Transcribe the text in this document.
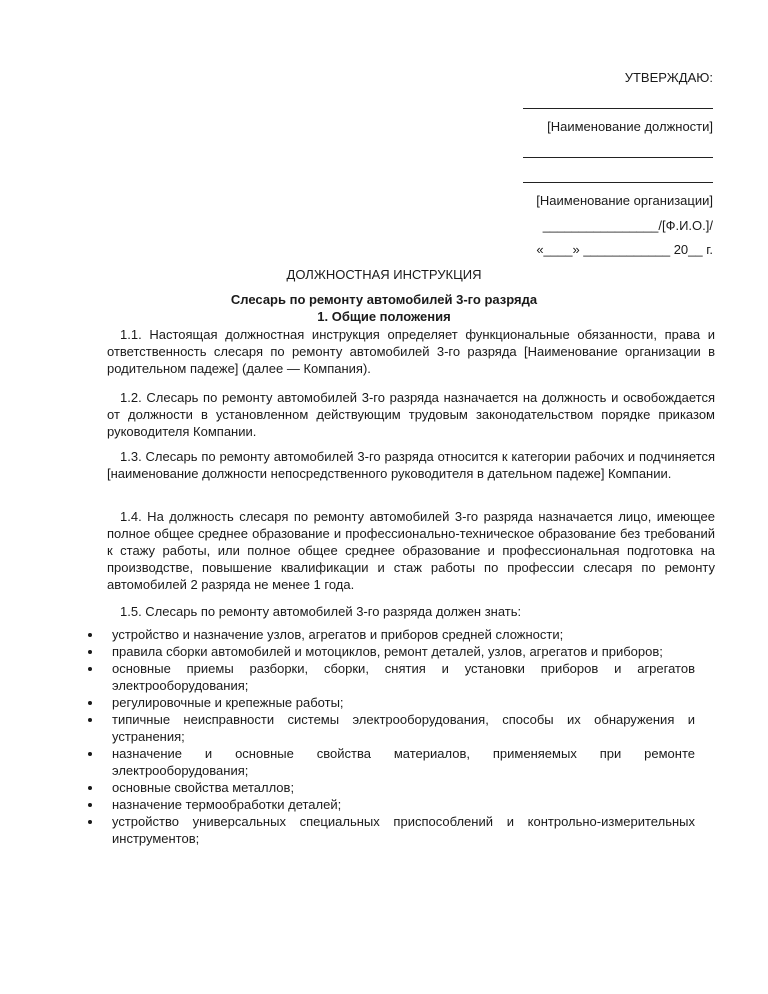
УТВЕРЖДАЮ:
[Наименование должности]
[Наименование организации]
________________/[Ф.И.О.]/
«____» ____________ 20__ г.
ДОЛЖНОСТНАЯ ИНСТРУКЦИЯ
Слесарь по ремонту автомобилей 3-го разряда
1. Общие положения

1.1. Настоящая должностная инструкция определяет функциональные обязанности, права и ответственность слесаря по ремонту автомобилей 3-го разряда [Наименование организации в родительном падеже] (далее — Компания).

1.2. Слесарь по ремонту автомобилей 3-го разряда назначается на должность и освобождается от должности в установленном действующим трудовым законодательством порядке приказом руководителя Компании.

1.3. Слесарь по ремонту автомобилей 3-го разряда относится к категории рабочих и подчиняется [наименование должности непосредственного руководителя в дательном падеже] Компании.

1.4. На должность слесаря по ремонту автомобилей 3-го разряда назначается лицо, имеющее полное общее среднее образование и профессионально-техническое образование без требований к стажу работы, или полное общее среднее образование и профессиональная подготовка на производстве, повышение квалификации и стаж работы по профессии слесаря по ремонту автомобилей 2 разряда не менее 1 года.

1.5. Слесарь по ремонту автомобилей 3-го разряда должен знать:

устройство и назначение узлов, агрегатов и приборов средней сложности;
правила сборки автомобилей и мотоциклов, ремонт деталей, узлов, агрегатов и приборов;
основные приемы разборки, сборки, снятия и установки приборов и агрегатов электрооборудования;
регулировочные и крепежные работы;
типичные неисправности системы электрооборудования, способы их обнаружения и устранения;
назначение и основные свойства материалов, применяемых при ремонте электрооборудования;
основные свойства металлов;
назначение термообработки деталей;
устройство универсальных специальных приспособлений и контрольно-измерительных инструментов;
